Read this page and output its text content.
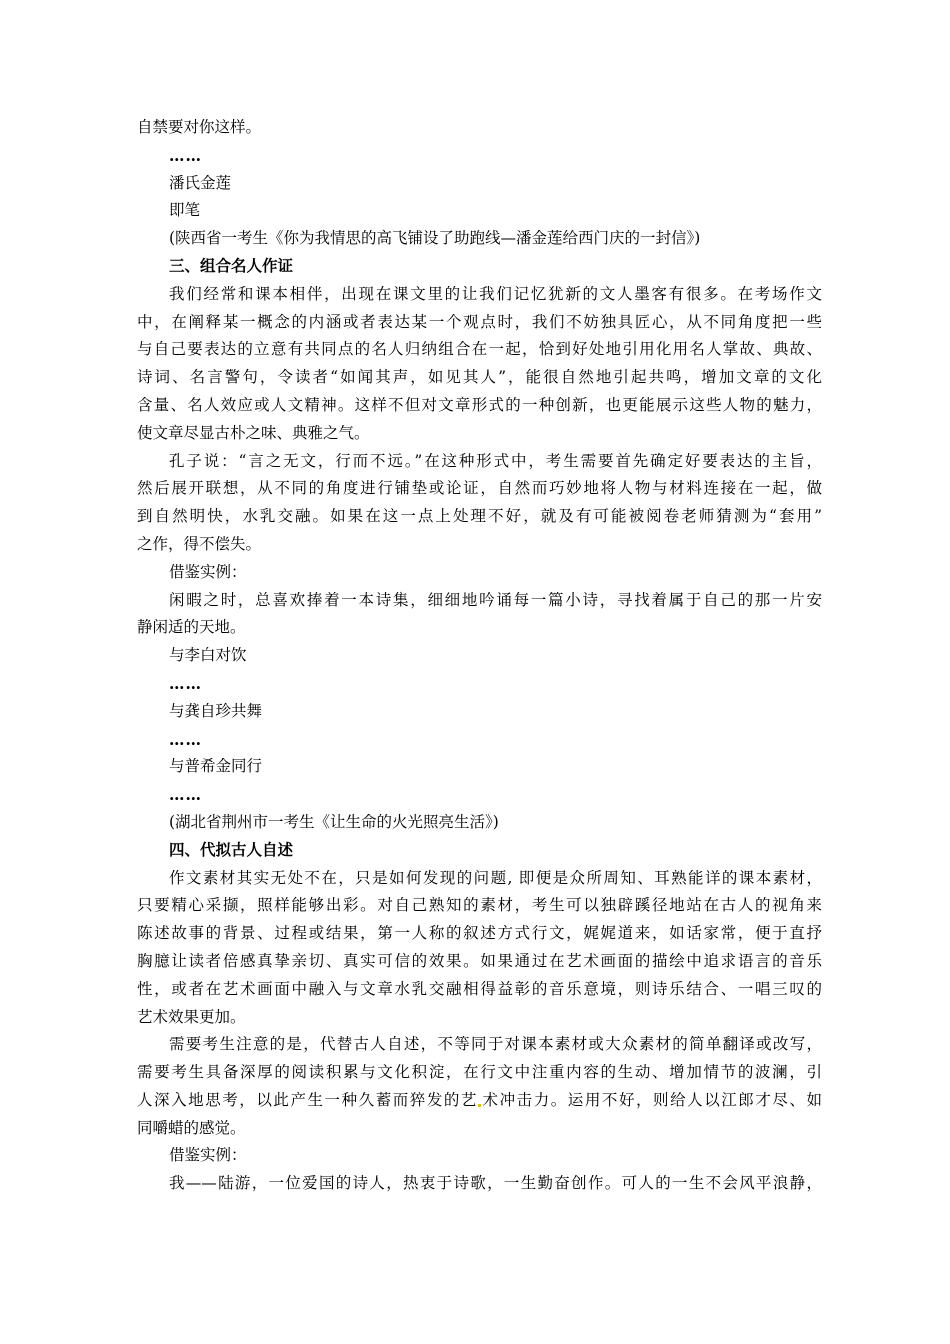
自禁要对你这样。
……
潘氏金莲
即笔
(陕西省一考生《你为我情思的高飞铺设了助跑线—潘金莲给西门庆的一封信》)
三、组合名人作证
我们经常和课本相伴，出现在课文里的让我们记忆犹新的文人墨客有很多。在考场作文
中，在阐释某一概念的内涵或者表达某一个观点时，我们不妨独具匠心，从不同角度把一些
与自己要表达的立意有共同点的名人归纳组合在一起，恰到好处地引用化用名人掌故、典故、
诗词、名言警句，令读者“如闻其声，如见其人”，能很自然地引起共鸣，增加文章的文化
含量、名人效应或人文精神。这样不但对文章形式的一种创新，也更能展示这些人物的魅力，
使文章尽显古朴之味、典雅之气。
孔子说：“言之无文，行而不远。”在这种形式中，考生需要首先确定好要表达的主旨，
然后展开联想，从不同的角度进行铺垫或论证，自然而巧妙地将人物与材料连接在一起，做
到自然明快，水乳交融。如果在这一点上处理不好，就及有可能被阅卷老师猜测为“套用”
之作，得不偿失。
借鉴实例：
闲暇之时，总喜欢捧着一本诗集，细细地吟诵每一篇小诗，寻找着属于自己的那一片安
静闲适的天地。
与李白对饮
……
与龚自珍共舞
……
与普希金同行
……
(湖北省荆州市一考生《让生命的火光照亮生活》)
四、代拟古人自述
作文素材其实无处不在，只是如何发现的问题, 即便是众所周知、耳熟能详的课本素材，
只要精心采撷，照样能够出彩。对自己熟知的素材，考生可以独辟蹊径地站在古人的视角来
陈述故事的背景、过程或结果，第一人称的叙述方式行文，娓娓道来，如话家常，便于直抒
胸臆让读者倍感真挚亲切、真实可信的效果。如果通过在艺术画面的描绘中追求语言的音乐
性，或者在艺术画面中融入与文章水乳交融相得益彰的音乐意境，则诗乐结合、一唱三叹的
艺术效果更加。
需要考生注意的是，代替古人自述，不等同于对课本素材或大众素材的简单翻译或改写，
需要考生具备深厚的阅读积累与文化积淀，在行文中注重内容的生动、增加情节的波澜，引
人深入地思考，以此产生一种久蓄而猝发的艺 术冲击力。运用不好，则给人以江郎才尽、如
同嚼蜡的感觉。
借鉴实例：
我——陆游，一位爱国的诗人，热衷于诗歌，一生勤奋创作。可人的一生不会风平浪静，
